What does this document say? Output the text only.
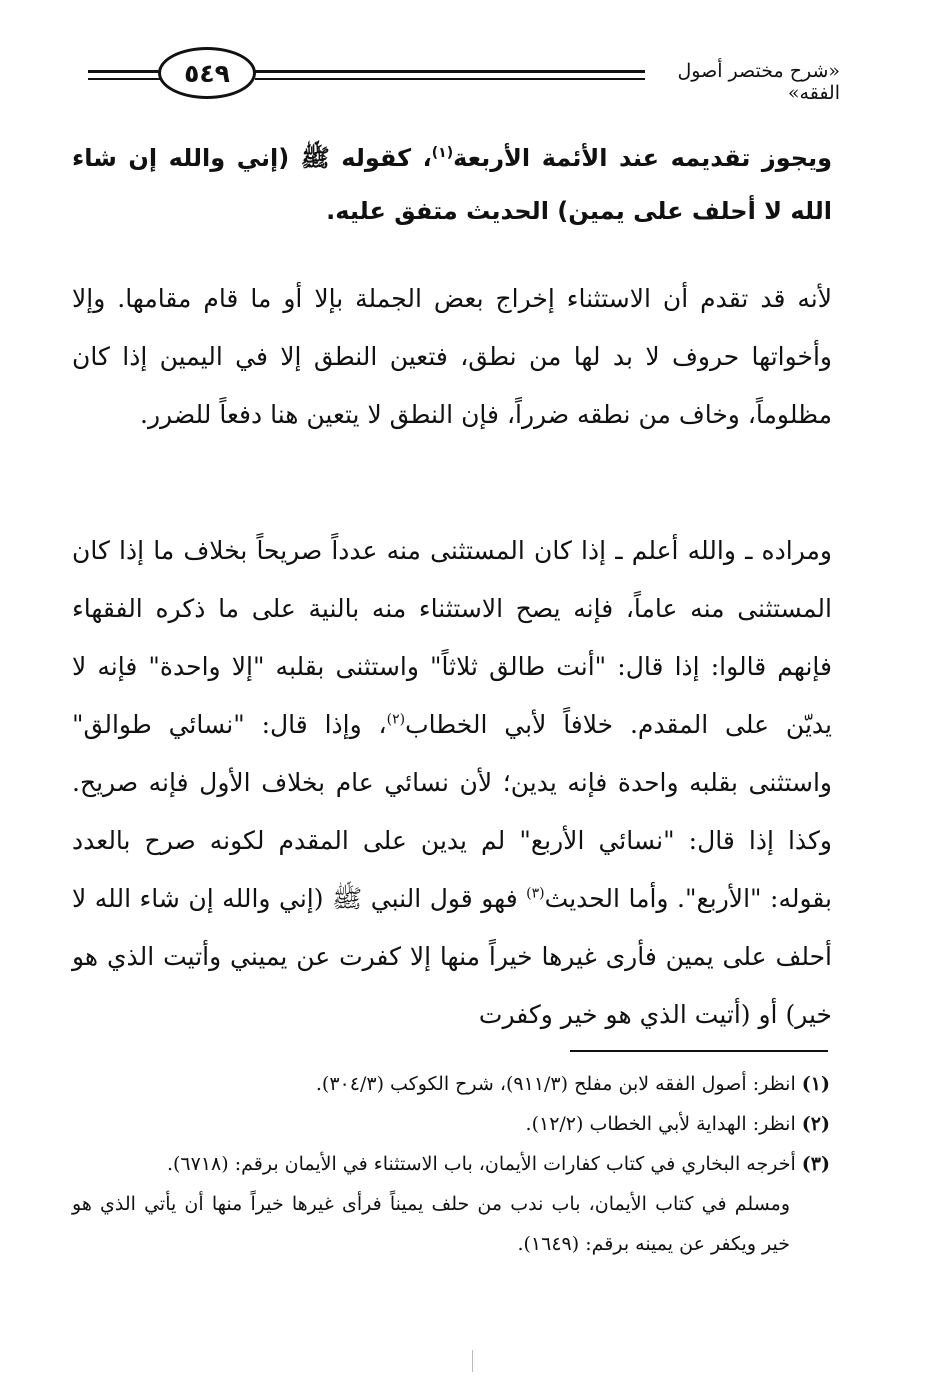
٥٤٩	«شرح مختصر أصول الفقه»
ويجوز تقديمه عند الأئمة الأربعة$^{(١)}$، كقوله ﷺ (إني والله إن شاء الله لا أحلف على يمين) الحديث متفق عليه.
لأنه قد تقدم أن الاستثناء إخراج بعض الجملة بإلا أو ما قام مقامها. وإلا وأخواتها حروف لا بد لها من نطق، فتعين النطق إلا في اليمين إذا كان مظلوماً، وخاف من نطقه ضرراً، فإن النطق لا يتعين هنا دفعاً للضرر.
ومراده ـ والله أعلم ـ إذا كان المستثنى منه عدداً صريحاً بخلاف ما إذا كان المستثنى منه عاماً، فإنه يصح الاستثناء منه بالنية على ما ذكره الفقهاء فإنهم قالوا: إذا قال: "أنت طالق ثلاثاً" واستثنى بقلبه "إلا واحدة" فإنه لا يديّن على المقدم. خلافاً لأبي الخطاب$^{(٢)}$، وإذا قال: "نسائي طوالق" واستثنى بقلبه واحدة فإنه يدين؛ لأن نسائي عام بخلاف الأول فإنه صريح. وكذا إذا قال: "نسائي الأربع" لم يدين على المقدم لكونه صرح بالعدد بقوله: "الأربع". وأما الحديث$^{(٣)}$ فهو قول النبي ﷺ (إني والله إن شاء الله لا أحلف على يمين فأرى غيرها خيراً منها إلا كفرت عن يميني وأتيت الذي هو خير) أو (أتيت الذي هو خير وكفرت
(١) انظر: أصول الفقه لابن مفلح (٩١١/٣)، شرح الكوكب (٣٠٤/٣).
(٢) انظر: الهداية لأبي الخطاب (١٢/٢).
(٣) أخرجه البخاري في كتاب كفارات الأيمان، باب الاستثناء في الأيمان برقم: (٦٧١٨).
ومسلم في كتاب الأيمان، باب ندب من حلف يميناً فرأى غيرها خيراً منها أن يأتي الذي هو خير ويكفر عن يمينه برقم: (١٦٤٩).
